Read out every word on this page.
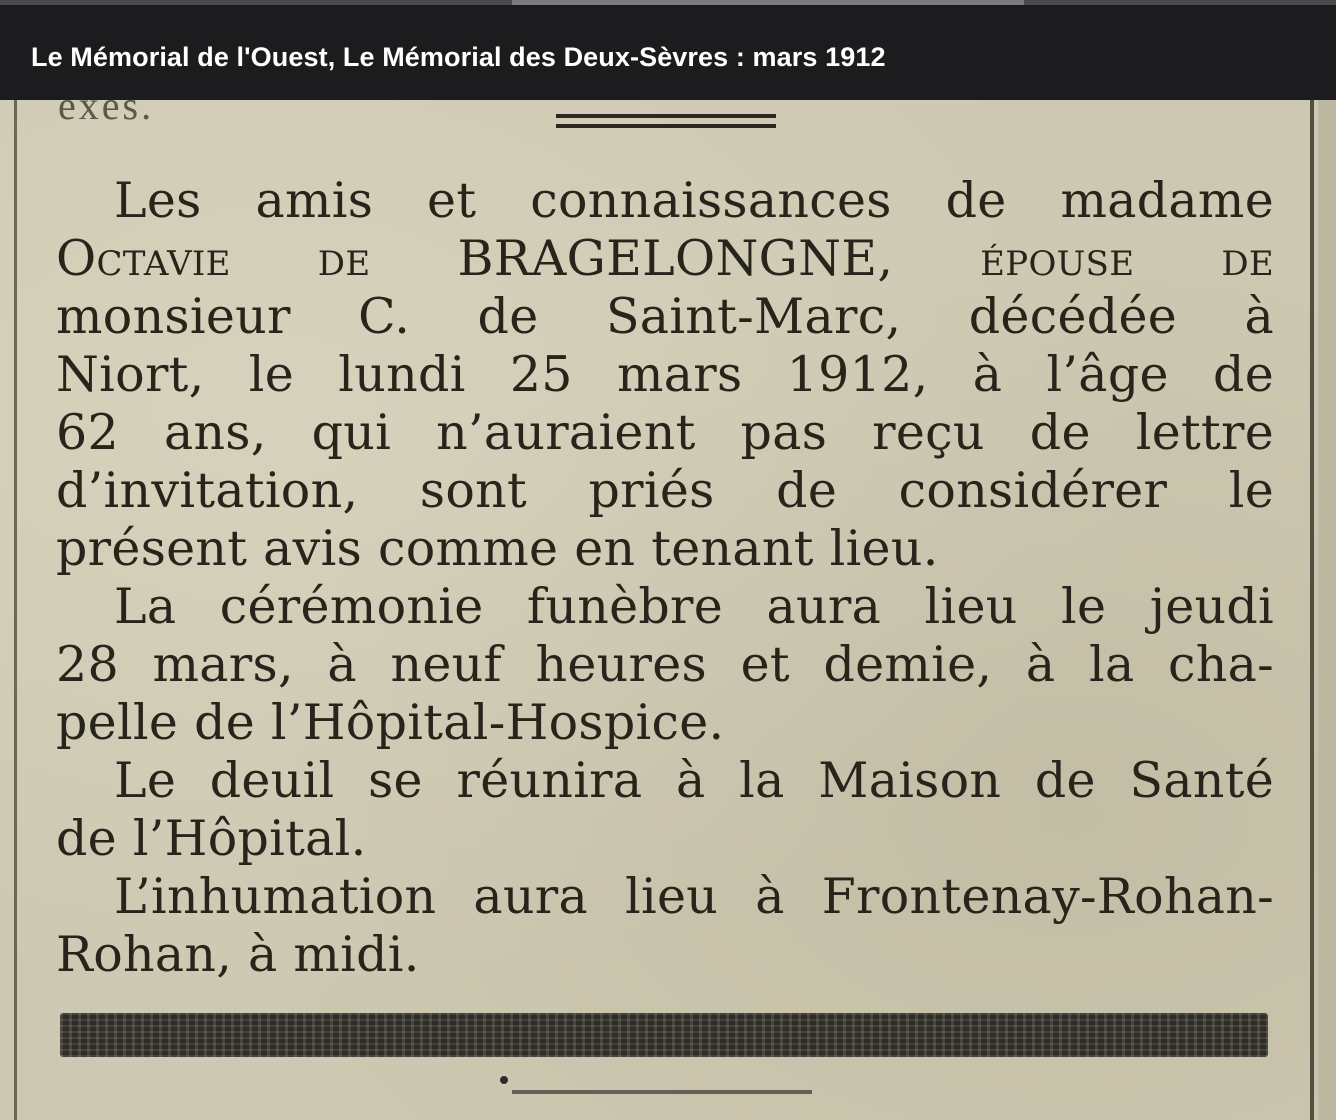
Le Mémorial de l'Ouest, Le Mémorial des Deux-Sèvres : mars 1912
exes.
Les amis et connaissances de madame
Octavie de BRAGELONGNE, épouse de
monsieur C. de Saint-Marc, décédée à
Niort, le lundi 25 mars 1912, à l’âge de
62 ans, qui n’auraient pas reçu de lettre
d’invitation, sont priés de considérer le
présent avis comme en tenant lieu.
La cérémonie funèbre aura lieu le jeudi
28 mars, à neuf heures et demie, à la cha-
pelle de l’Hôpital-Hospice.
Le deuil se réunira à la Maison de Santé
de l’Hôpital.
L’inhumation aura lieu à Frontenay-Rohan-
Rohan, à midi.
